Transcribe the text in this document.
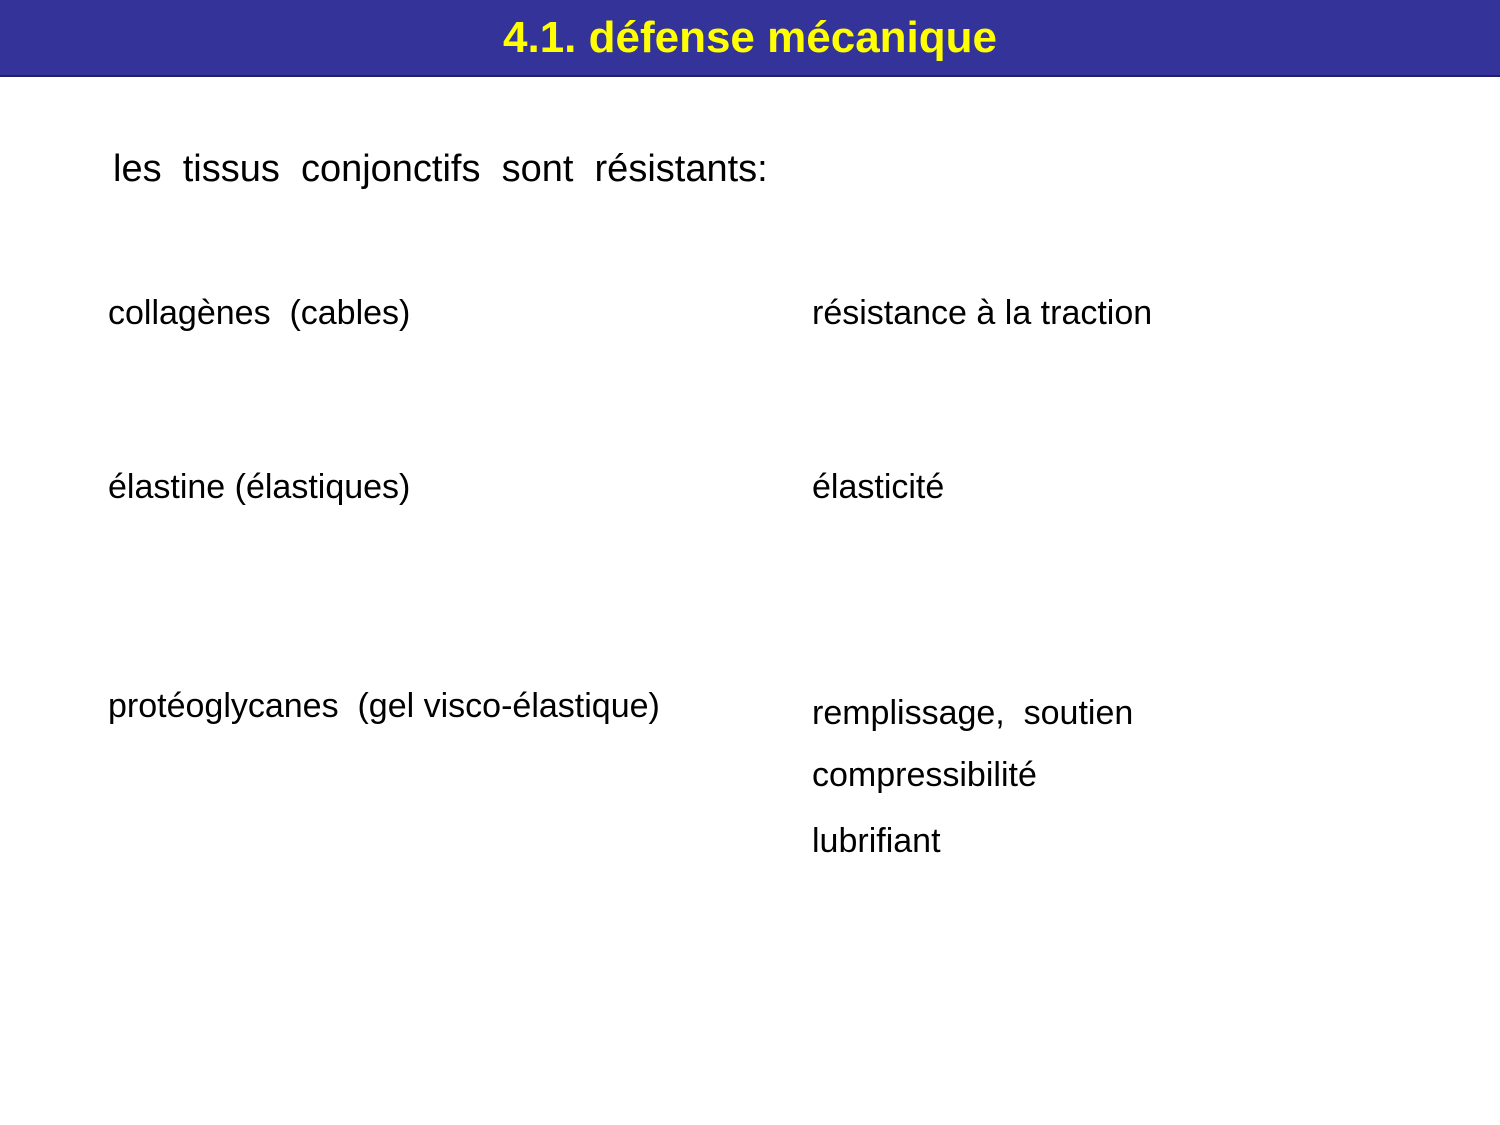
4.1. défense mécanique
les  tissus  conjonctifs  sont  résistants:
collagènes  (cables)	résistance à la traction
élastine (élastiques)	élasticité
protéoglycanes  (gel visco-élastique)	remplissage,  soutien
compressibilité
lubrifiant
